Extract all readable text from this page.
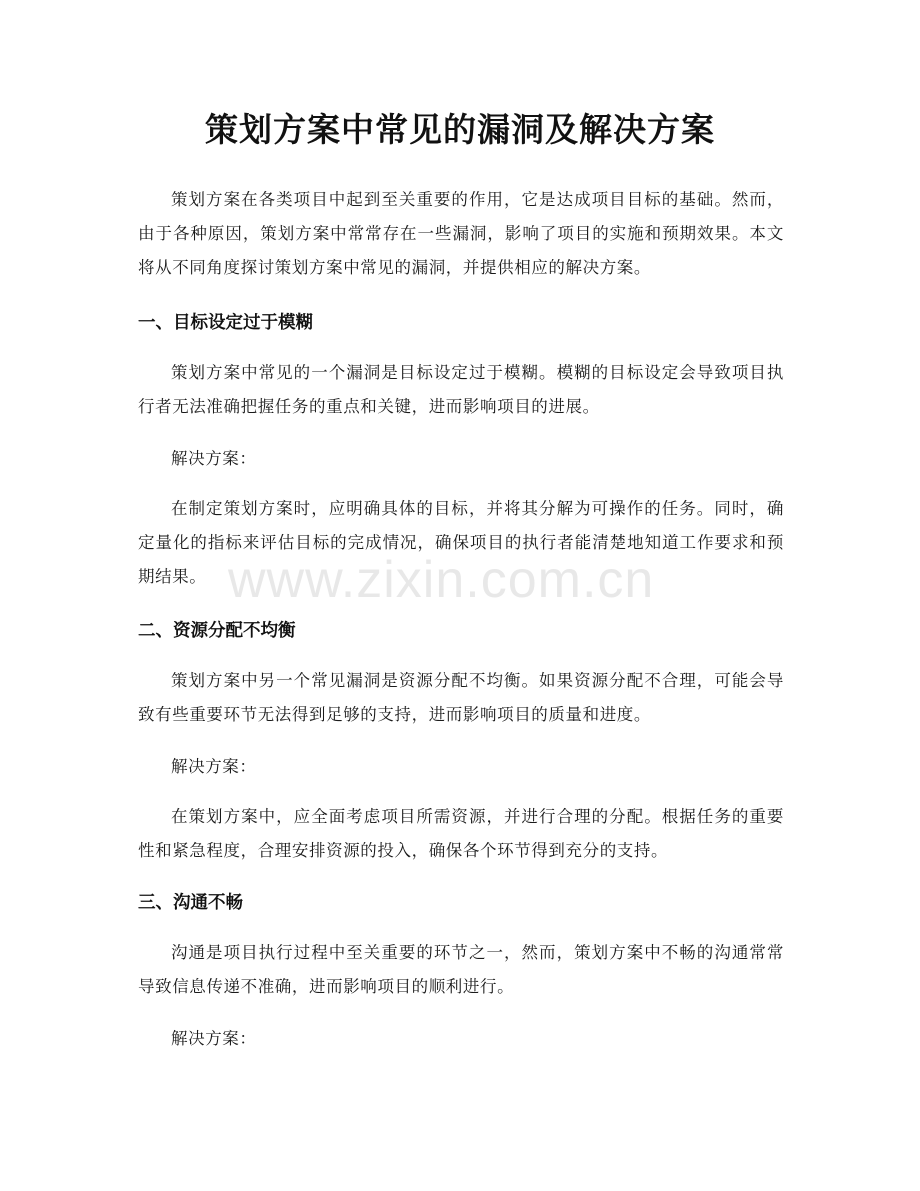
策划方案中常见的漏洞及解决方案

策划方案在各类项目中起到至关重要的作用，它是达成项目目标的基础。然而，由于各种原因，策划方案中常常存在一些漏洞，影响了项目的实施和预期效果。本文将从不同角度探讨策划方案中常见的漏洞，并提供相应的解决方案。

一、目标设定过于模糊

策划方案中常见的一个漏洞是目标设定过于模糊。模糊的目标设定会导致项目执行者无法准确把握任务的重点和关键，进而影响项目的进展。

解决方案：

在制定策划方案时，应明确具体的目标，并将其分解为可操作的任务。同时，确定量化的指标来评估目标的完成情况，确保项目的执行者能清楚地知道工作要求和预期结果。

二、资源分配不均衡

策划方案中另一个常见漏洞是资源分配不均衡。如果资源分配不合理，可能会导致有些重要环节无法得到足够的支持，进而影响项目的质量和进度。

解决方案：

在策划方案中，应全面考虑项目所需资源，并进行合理的分配。根据任务的重要性和紧急程度，合理安排资源的投入，确保各个环节得到充分的支持。

三、沟通不畅

沟通是项目执行过程中至关重要的环节之一，然而，策划方案中不畅的沟通常常导致信息传递不准确，进而影响项目的顺利进行。

解决方案：

www.zixin.com.cn
